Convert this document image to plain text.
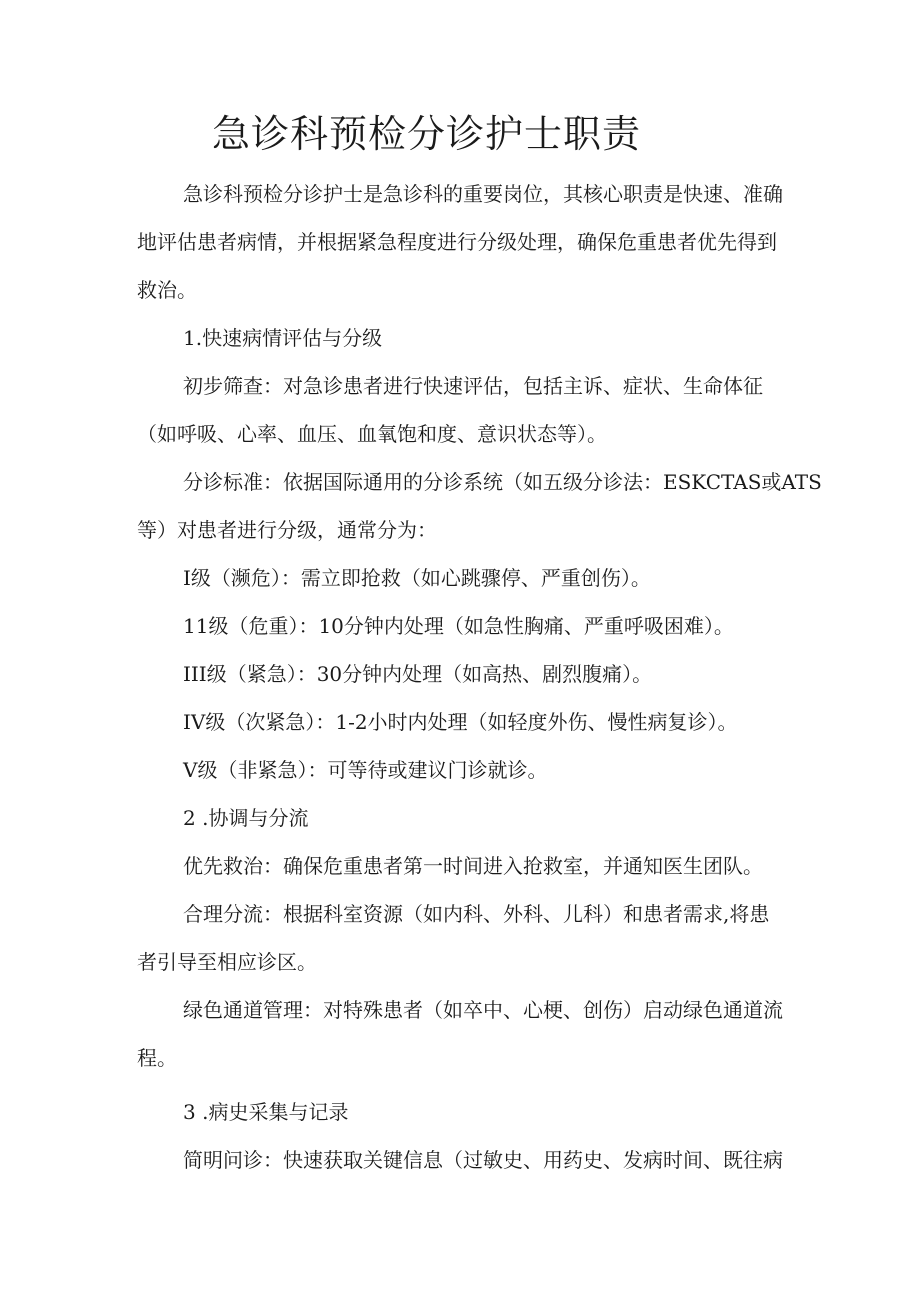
急诊科预检分诊护士职责

急诊科预检分诊护士是急诊科的重要岗位，其核心职责是快速、准确

地评估患者病情，并根据紧急程度进行分级处理，确保危重患者优先得到

救治。

1.快速病情评估与分级

初步筛查：对急诊患者进行快速评估，包括主诉、症状、生命体征

（如呼吸、心率、血压、血氧饱和度、意识状态等）。

分诊标准：依据国际通用的分诊系统（如五级分诊法：ESKCTAS或ATS

等）对患者进行分级，通常分为：

I级（濒危）：需立即抢救（如心跳骤停、严重创伤）。

11级（危重）：10分钟内处理（如急性胸痛、严重呼吸困难）。

III级（紧急）：30分钟内处理（如高热、剧烈腹痛）。

IV级（次紧急）：1-2小时内处理（如轻度外伤、慢性病复诊）。

V级（非紧急）：可等待或建议门诊就诊。

2 .协调与分流

优先救治：确保危重患者第一时间进入抢救室，并通知医生团队。

合理分流：根据科室资源（如内科、外科、儿科）和患者需求,将患

者引导至相应诊区。

绿色通道管理：对特殊患者（如卒中、心梗、创伤）启动绿色通道流

程。

3 .病史采集与记录

简明问诊：快速获取关键信息（过敏史、用药史、发病时间、既往病
